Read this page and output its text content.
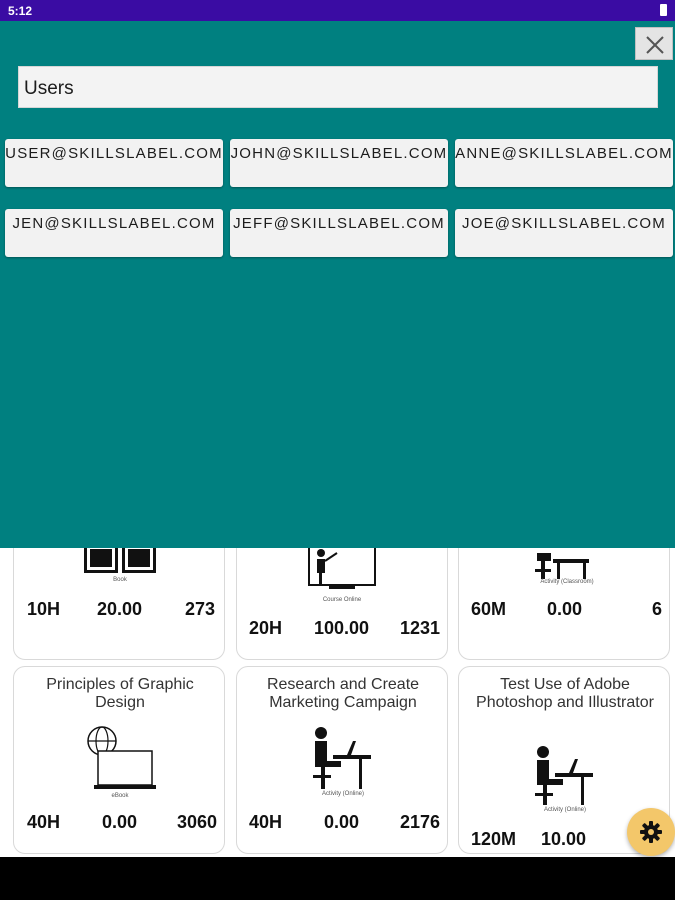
Book
10H 20.00 273	Course Online
20H 100.00 1231
Activity (Classroom)
60M 0.00	6
Principles of Graphic Design
eBook
40H 0.00 3060
Research and Create Marketing Campaign
Activity (Online)
40H 0.00 2176
Test Use of Adobe Photoshop and Illustrator
Activity (Online)
120M 10.00
Users
USER@SKILLSLABEL.COM JOHN@SKILLSLABEL.COM ANNE@SKILLSLABEL.COM
JEN@SKILLSLABEL.COM	JEFF@SKILLSLABEL.COM	JOE@SKILLSLABEL.COM
5:12
